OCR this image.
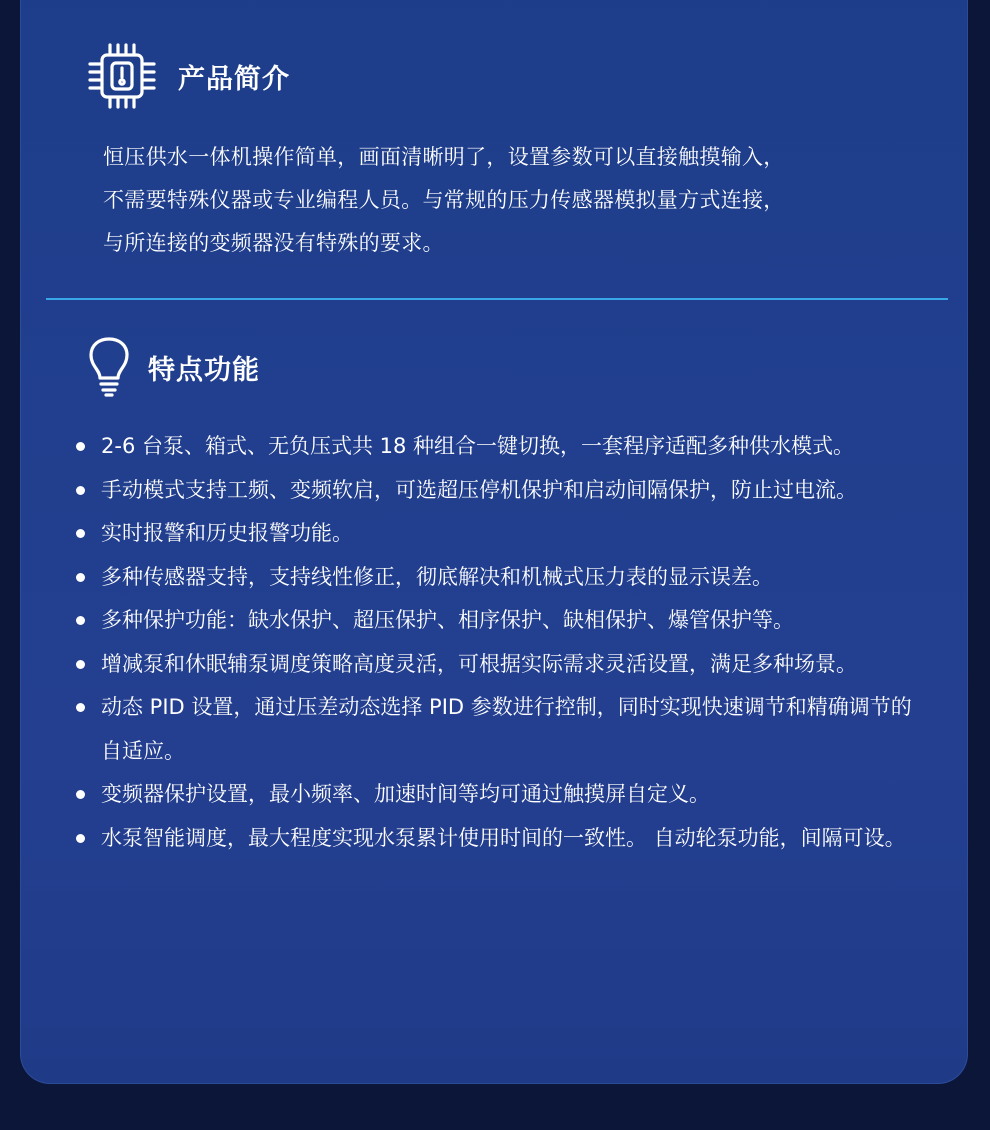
产品简介

恒压供水一体机操作简单，画面清晰明了，设置参数可以直接触摸输入，

不需要特殊仪器或专业编程人员。与常规的压力传感器模拟量方式连接，

与所连接的变频器没有特殊的要求。

特点功能
2-6 台泵、箱式、无负压式共 18 种组合一键切换，一套程序适配多种供水模式。
手动模式支持工频、变频软启，可选超压停机保护和启动间隔保护，防止过电流。
实时报警和历史报警功能。
多种传感器支持，支持线性修正，彻底解决和机械式压力表的显示误差。
多种保护功能：缺水保护、超压保护、相序保护、缺相保护、爆管保护等。
增减泵和休眠辅泵调度策略高度灵活，可根据实际需求灵活设置，满足多种场景。
动态 PID 设置，通过压差动态选择 PID 参数进行控制，同时实现快速调节和精确调节的自适应。
变频器保护设置，最小频率、加速时间等均可通过触摸屏自定义。
水泵智能调度，最大程度实现水泵累计使用时间的一致性。 自动轮泵功能，间隔可设。
